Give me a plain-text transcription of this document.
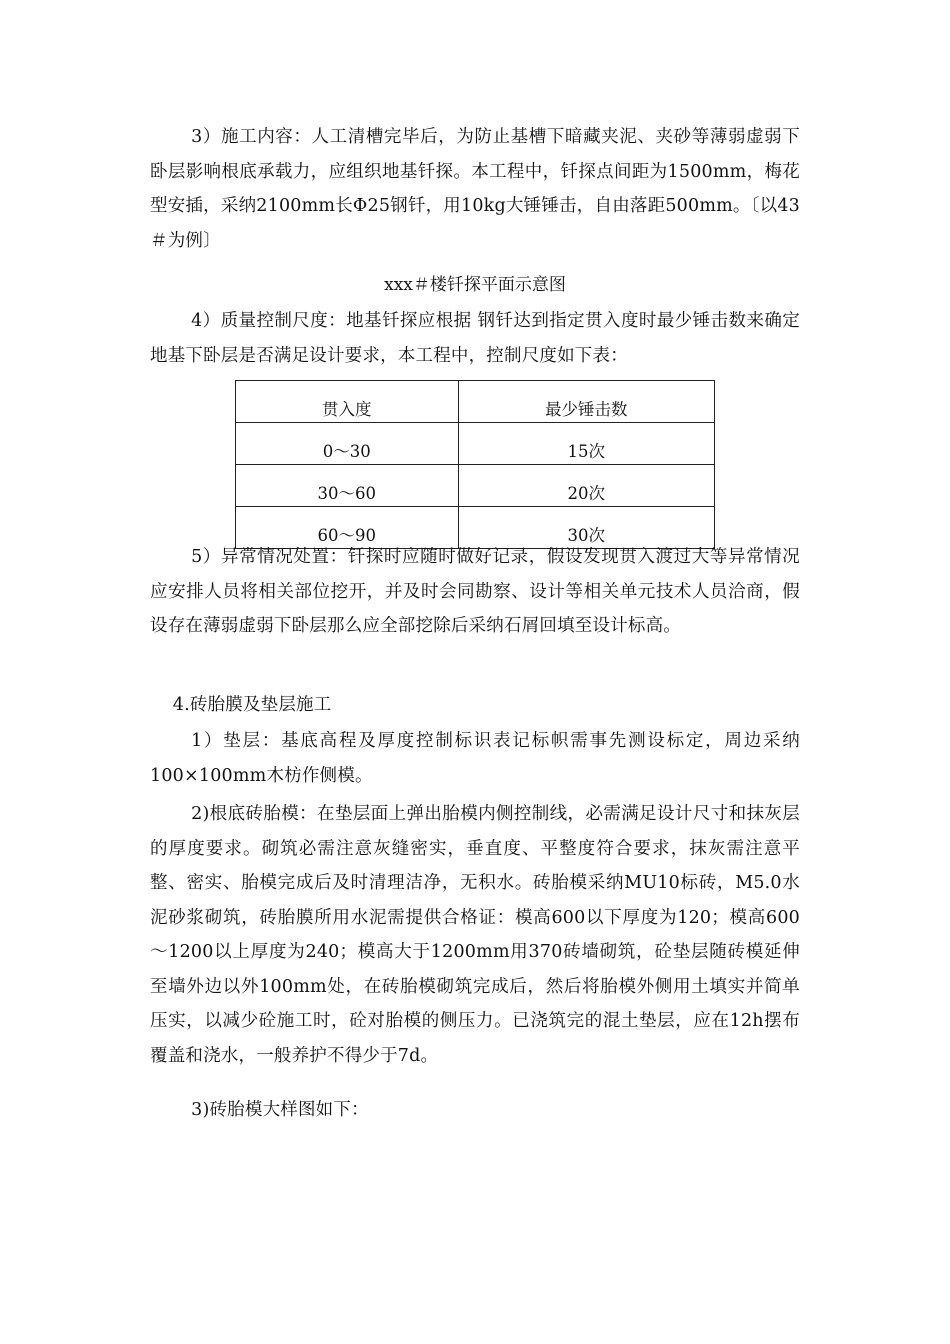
3）施工内容：人工清槽完毕后，为防止基槽下暗藏夹泥、夹砂等薄弱虚弱下卧层影响根底承载力，应组织地基钎探。本工程中，钎探点间距为1500mm，梅花型安插，采纳2100mm长Φ25钢钎，用10kg大锤锤击，自由落距500mm。〔以43＃为例〕

xxx＃楼钎探平面示意图

4）质量控制尺度：地基钎探应根据 钢钎达到指定贯入度时最少锤击数来确定地基下卧层是否满足设计要求，本工程中，控制尺度如下表：

贯入度	最少锤击数
0～30	15次
30～60	20次
60～90	30次

5）异常情况处置：钎探时应随时做好记录，假设发现贯入渡过大等异常情况应安排人员将相关部位挖开，并及时会同勘察、设计等相关单元技术人员洽商，假设存在薄弱虚弱下卧层那么应全部挖除后采纳石屑回填至设计标高。

4.砖胎膜及垫层施工

1）垫层：基底高程及厚度控制标识表记标帜需事先测设标定，周边采纳100×100mm木枋作侧模。

2)根底砖胎模：在垫层面上弹出胎模内侧控制线，必需满足设计尺寸和抹灰层的厚度要求。砌筑必需注意灰缝密实，垂直度、平整度符合要求，抹灰需注意平整、密实、胎模完成后及时清理洁净，无积水。砖胎模采纳MU10标砖，M5.0水泥砂浆砌筑，砖胎膜所用水泥需提供合格证：模高600以下厚度为120；模高600～1200以上厚度为240；模高大于1200mm用370砖墙砌筑，砼垫层随砖模延伸至墙外边以外100mm处，在砖胎模砌筑完成后，然后将胎模外侧用土填实并简单压实，以减少砼施工时，砼对胎模的侧压力。已浇筑完的混土垫层，应在12h摆布覆盖和浇水，一般养护不得少于7d。

3)砖胎模大样图如下：
